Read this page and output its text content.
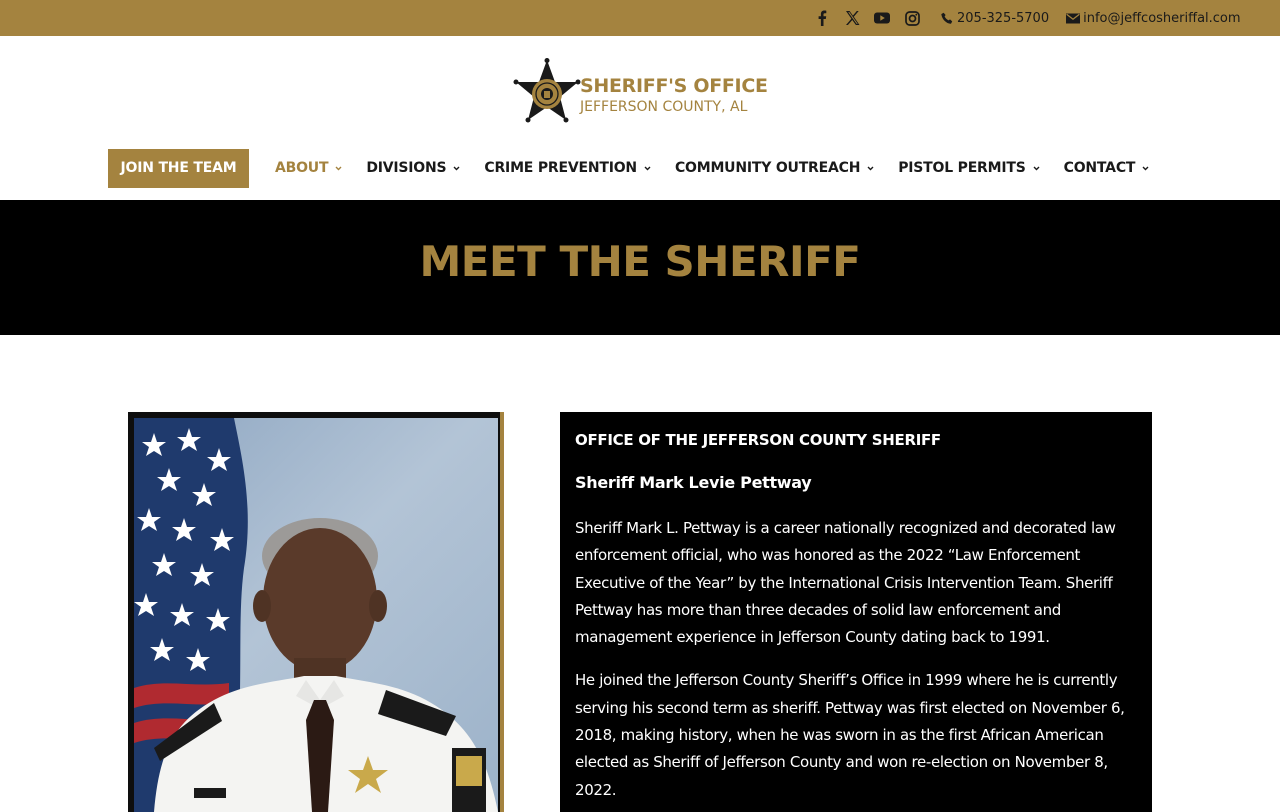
205-325-5700	info@jeffcosheriffal.com
SHERIFF'S OFFICE
JEFFERSON COUNTY, AL
JOIN THE TEAM	ABOUT	DIVISIONS	CRIME PREVENTION	COMMUNITY OUTREACH	PISTOL PERMITS	CONTACT
MEET THE SHERIFF
OFFICE OF THE JEFFERSON COUNTY SHERIFF
Sheriff Mark Levie Pettway

Sheriff Mark L. Pettway is a career nationally recognized and decorated law enforcement official, who was honored as the 2022 “Law Enforcement Executive of the Year” by the International Crisis Intervention Team. Sheriff Pettway has more than three decades of solid law enforcement and management experience in Jefferson County dating back to 1991.

He joined the Jefferson County Sheriff’s Office in 1999 where he is currently serving his second term as sheriff. Pettway was first elected on November 6, 2018, making history, when he was sworn in as the first African American elected as Sheriff of Jefferson County and won re-election on November 8, 2022.
